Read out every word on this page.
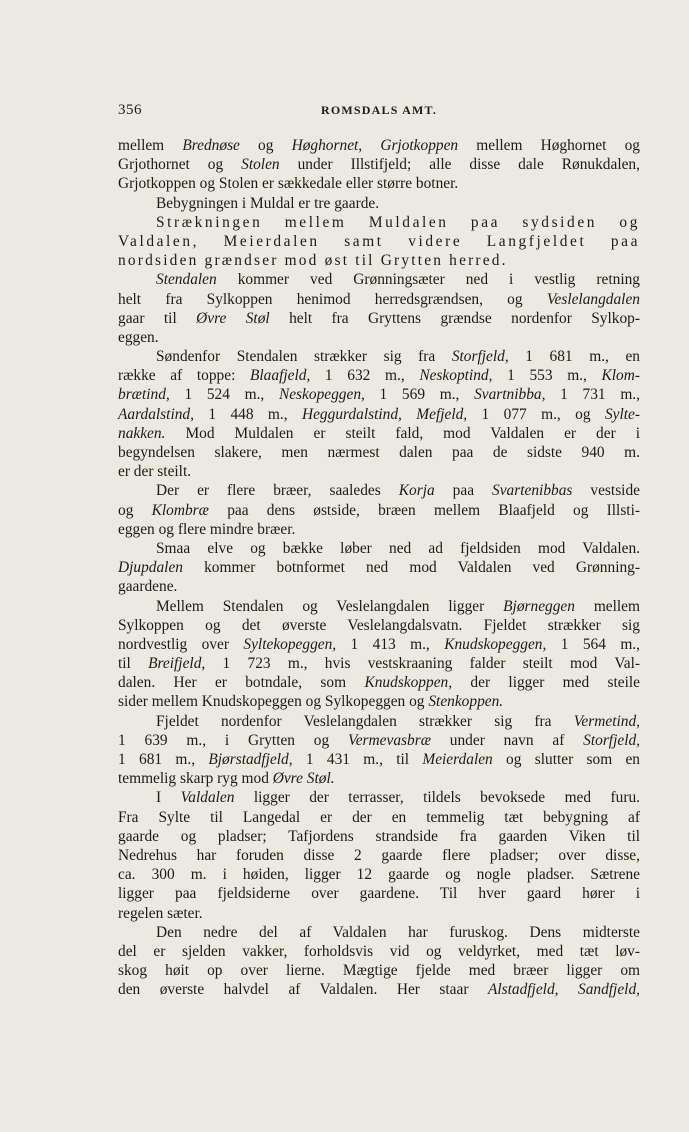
356	ROMSDALS AMT.
mellem Brednøse og Høghornet, Grjotkoppen mellem Høghornet og
Grjothornet og Stolen under Illstifjeld; alle disse dale Rønukdalen,
Grjotkoppen og Stolen er sækkedale eller større botner.
Bebygningen i Muldal er tre gaarde.
Strækningen mellem Muldalen paa sydsiden og
Valdalen, Meierdalen samt videre Langfjeldet paa
nordsiden grændser mod øst til Grytten herred.
Stendalen kommer ved Grønningsæter ned i vestlig retning
helt fra Sylkoppen henimod herredsgrændsen, og Veslelangdalen
gaar til Øvre Støl helt fra Gryttens grændse nordenfor Sylkop-
eggen.
Søndenfor Stendalen strækker sig fra Storfjeld, 1 681 m., en
række af toppe: Blaafjeld, 1 632 m., Neskoptind, 1 553 m., Klom-
brætind, 1 524 m., Neskopeggen, 1 569 m., Svartnibba, 1 731 m.,
Aardalstind, 1 448 m., Heggurdalstind, Mefjeld, 1 077 m., og Sylte-
nakken. Mod Muldalen er steilt fald, mod Valdalen er der i
begyndelsen slakere, men nærmest dalen paa de sidste 940 m.
er der steilt.
Der er flere bræer, saaledes Korja paa Svartenibbas vestside
og Klombræ paa dens østside, bræen mellem Blaafjeld og Illsti-
eggen og flere mindre bræer.
Smaa elve og bække løber ned ad fjeldsiden mod Valdalen.
Djupdalen kommer botnformet ned mod Valdalen ved Grønning-
gaardene.
Mellem Stendalen og Veslelangdalen ligger Bjørneggen mellem
Sylkoppen og det øverste Veslelangdalsvatn. Fjeldet strækker sig
nordvestlig over Syltekopeggen, 1 413 m., Knudskopeggen, 1 564 m.,
til Breifjeld, 1 723 m., hvis vestskraaning falder steilt mod Val-
dalen. Her er botndale, som Knudskoppen, der ligger med steile
sider mellem Knudskopeggen og Sylkopeggen og Stenkoppen.
Fjeldet nordenfor Veslelangdalen strækker sig fra Vermetind,
1 639 m., i Grytten og Vermevasbræ under navn af Storfjeld,
1 681 m., Bjørstadfjeld, 1 431 m., til Meierdalen og slutter som en
temmelig skarp ryg mod Øvre Støl.
I Valdalen ligger der terrasser, tildels bevoksede med furu.
Fra Sylte til Langedal er der en temmelig tæt bebygning af
gaarde og pladser; Tafjordens strandside fra gaarden Viken til
Nedrehus har foruden disse 2 gaarde flere pladser; over disse,
ca. 300 m. i høiden, ligger 12 gaarde og nogle pladser. Sætrene
ligger paa fjeldsiderne over gaardene. Til hver gaard hører i
regelen sæter.
Den nedre del af Valdalen har furuskog. Dens midterste
del er sjelden vakker, forholdsvis vid og veldyrket, med tæt løv-
skog høit op over lierne. Mægtige fjelde med bræer ligger om
den øverste halvdel af Valdalen. Her staar Alstadfjeld, Sandfjeld,
